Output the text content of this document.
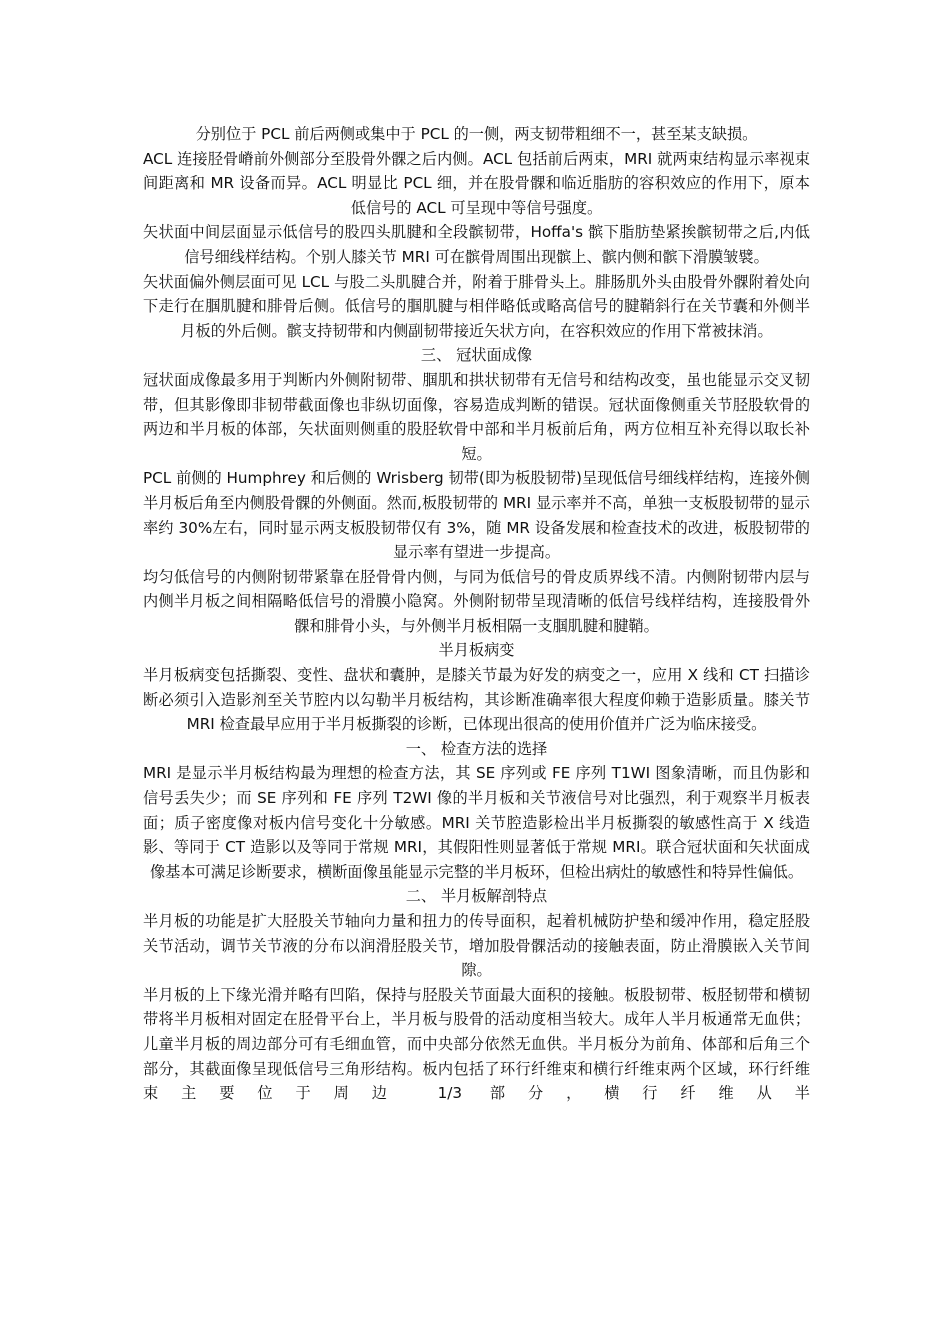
分别位于 PCL 前后两侧或集中于 PCL 的一侧，两支韧带粗细不一，甚至某支缺损。

ACL 连接胫骨嵴前外侧部分至股骨外髁之后内侧。ACL 包括前后两束，MRI 就两束结构显示率视束间距离和 MR 设备而异。ACL 明显比 PCL 细，并在股骨髁和临近脂肪的容积效应的作用下，原本低信号的 ACL 可呈现中等信号强度。

矢状面中间层面显示低信号的股四头肌腱和全段髌韧带，Hoffa's 髌下脂肪垫紧挨髌韧带之后,内低信号细线样结构。个别人膝关节 MRI 可在髌骨周围出现髌上、髌内侧和髌下滑膜皱襞。

矢状面偏外侧层面可见 LCL 与股二头肌腱合并，附着于腓骨头上。腓肠肌外头由股骨外髁附着处向下走行在腘肌腱和腓骨后侧。低信号的腘肌腱与相伴略低或略高信号的腱鞘斜行在关节囊和外侧半月板的外后侧。髌支持韧带和内侧副韧带接近矢状方向，在容积效应的作用下常被抹消。

三、 冠状面成像

冠状面成像最多用于判断内外侧附韧带、腘肌和拱状韧带有无信号和结构改变，虽也能显示交叉韧带，但其影像即非韧带截面像也非纵切面像，容易造成判断的错误。冠状面像侧重关节胫股软骨的两边和半月板的体部，矢状面则侧重的股胫软骨中部和半月板前后角，两方位相互补充得以取长补短。

PCL 前侧的 Humphrey 和后侧的 Wrisberg 韧带(即为板股韧带)呈现低信号细线样结构，连接外侧半月板后角至内侧股骨髁的外侧面。然而,板股韧带的 MRI 显示率并不高，单独一支板股韧带的显示率约 30%左右，同时显示两支板股韧带仅有 3%，随 MR 设备发展和检查技术的改进，板股韧带的显示率有望进一步提高。

均匀低信号的内侧附韧带紧靠在胫骨骨内侧，与同为低信号的骨皮质界线不清。内侧附韧带内层与内侧半月板之间相隔略低信号的滑膜小隐窝。外侧附韧带呈现清晰的低信号线样结构，连接股骨外髁和腓骨小头，与外侧半月板相隔一支腘肌腱和腱鞘。

半月板病变

半月板病变包括撕裂、变性、盘状和囊肿，是膝关节最为好发的病变之一，应用 X 线和 CT 扫描诊断必须引入造影剂至关节腔内以勾勒半月板结构，其诊断准确率很大程度仰赖于造影质量。膝关节 MRI 检查最早应用于半月板撕裂的诊断，已体现出很高的使用价值并广泛为临床接受。

一、 检查方法的选择

MRI 是显示半月板结构最为理想的检查方法，其 SE 序列或 FE 序列 T1WI 图象清晰，而且伪影和信号丢失少；而 SE 序列和 FE 序列 T2WI 像的半月板和关节液信号对比强烈，利于观察半月板表面；质子密度像对板内信号变化十分敏感。MRI 关节腔造影检出半月板撕裂的敏感性高于 X 线造影、等同于 CT 造影以及等同于常规 MRI，其假阳性则显著低于常规 MRI。联合冠状面和矢状面成像基本可满足诊断要求，横断面像虽能显示完整的半月板环，但检出病灶的敏感性和特异性偏低。

二、 半月板解剖特点

半月板的功能是扩大胫股关节轴向力量和扭力的传导面积，起着机械防护垫和缓冲作用，稳定胫股关节活动，调节关节液的分布以润滑胫股关节，增加股骨髁活动的接触表面，防止滑膜嵌入关节间隙。

半月板的上下缘光滑并略有凹陷，保持与胫股关节面最大面积的接触。板股韧带、板胫韧带和横韧带将半月板相对固定在胫骨平台上，半月板与股骨的活动度相当较大。成年人半月板通常无血供；儿童半月板的周边部分可有毛细血管，而中央部分依然无血供。半月板分为前角、体部和后角三个部分，其截面像呈现低信号三角形结构。板内包括了环行纤维束和横行纤维束两个区域，环行纤维束主要位于周边 1/3 部分，横行纤维从半
